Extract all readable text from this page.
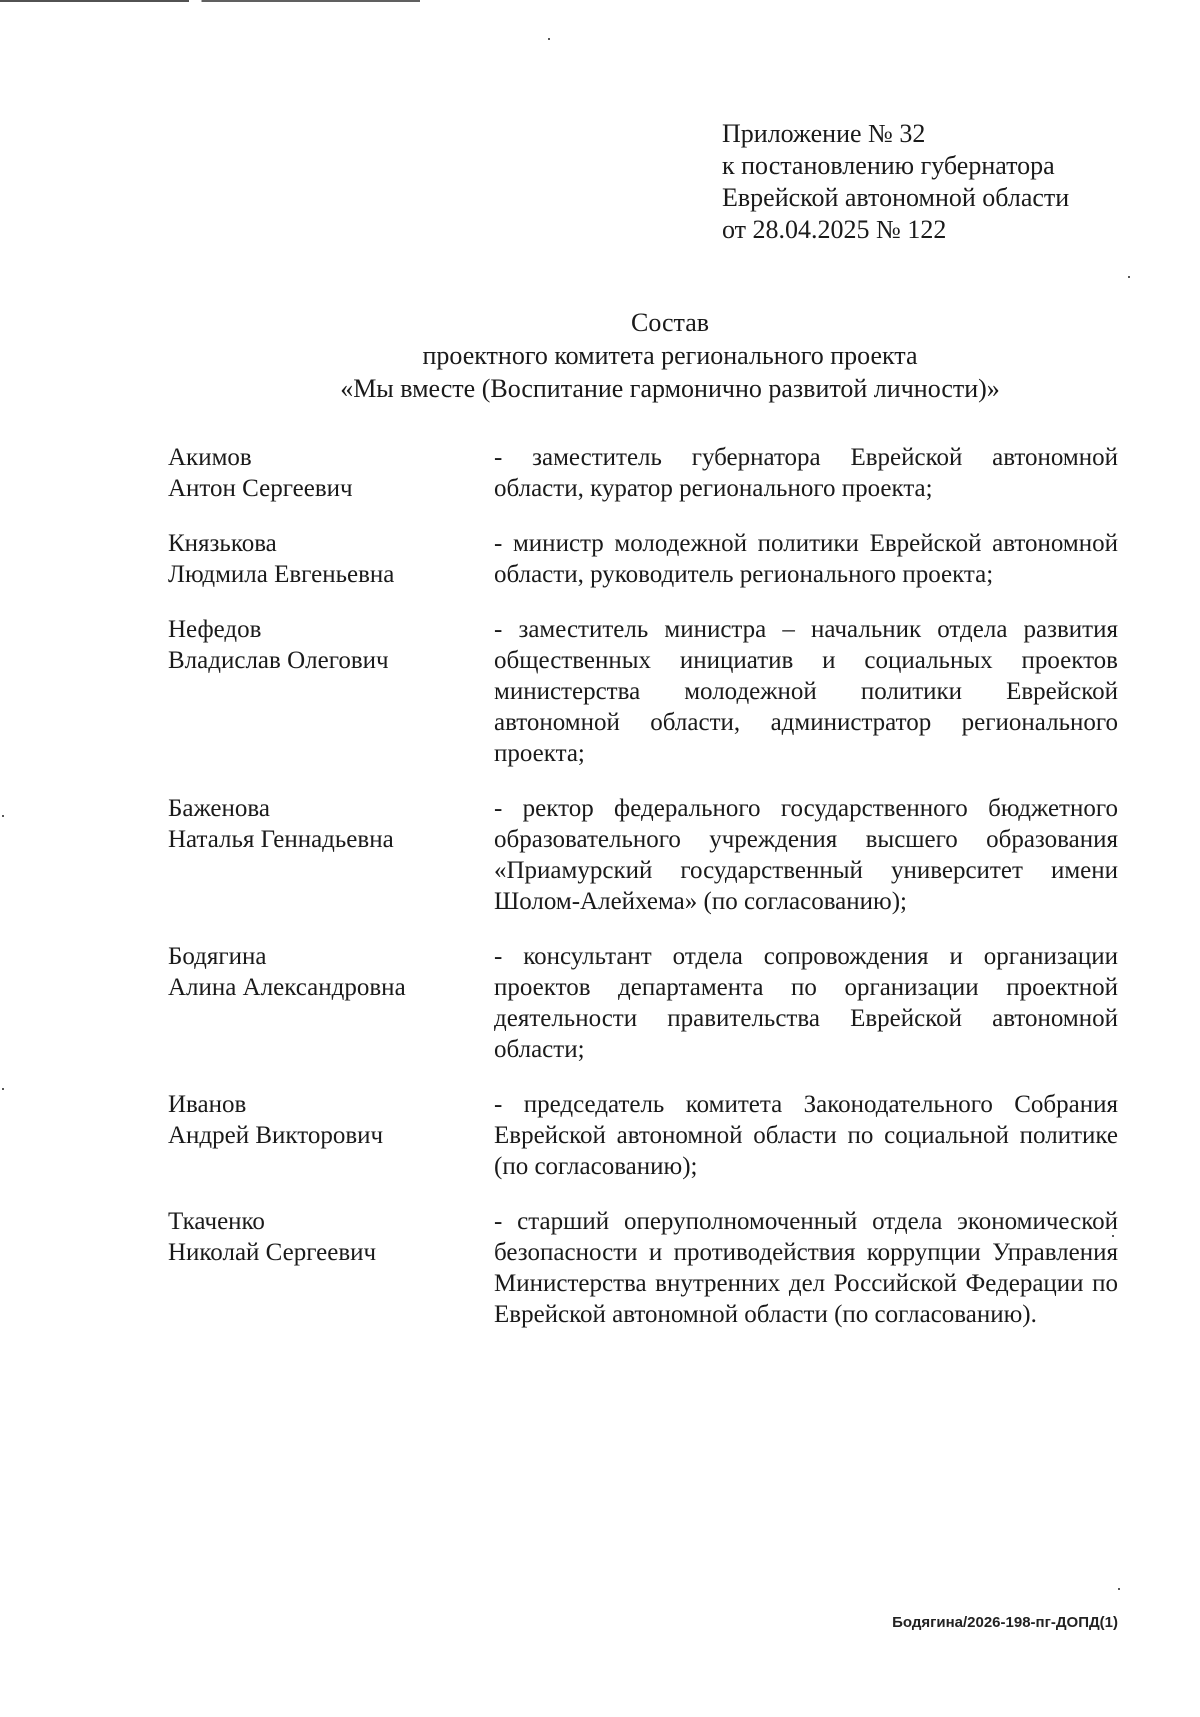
Приложение № 32
к постановлению губернатора
Еврейской автономной области
от 28.04.2025 № 122
Состав
проектного комитета регионального проекта
«Мы вместе (Воспитание гармонично развитой личности)»
Акимов
Антон Сергеевич
- заместитель губернатора Еврейской автономной области, куратор регионального проекта;
Князькова
Людмила Евгеньевна
- министр молодежной политики Еврейской автономной области, руководитель регионального проекта;
Нефедов
Владислав Олегович
- заместитель министра – начальник отдела развития общественных инициатив и социальных проектов министерства молодежной политики Еврейской автономной области, администратор регионального проекта;
Баженова
Наталья Геннадьевна
- ректор федерального государственного бюджетного образовательного учреждения высшего образования «Приамурский государственный университет имени Шолом-Алейхема» (по согласованию);
Бодягина
Алина Александровна
- консультант отдела сопровождения и организации проектов департамента по организации проектной деятельности правительства Еврейской автономной области;
Иванов
Андрей Викторович
- председатель комитета Законодательного Собрания Еврейской автономной области по социальной политике (по согласованию);
Ткаченко
Николай Сергеевич
- старший оперуполномоченный отдела экономической безопасности и противодействия коррупции Управления Министерства внутренних дел Российской Федерации по Еврейской автономной области (по согласованию).
Бодягина/2026-198-пг-ДОПД(1)
